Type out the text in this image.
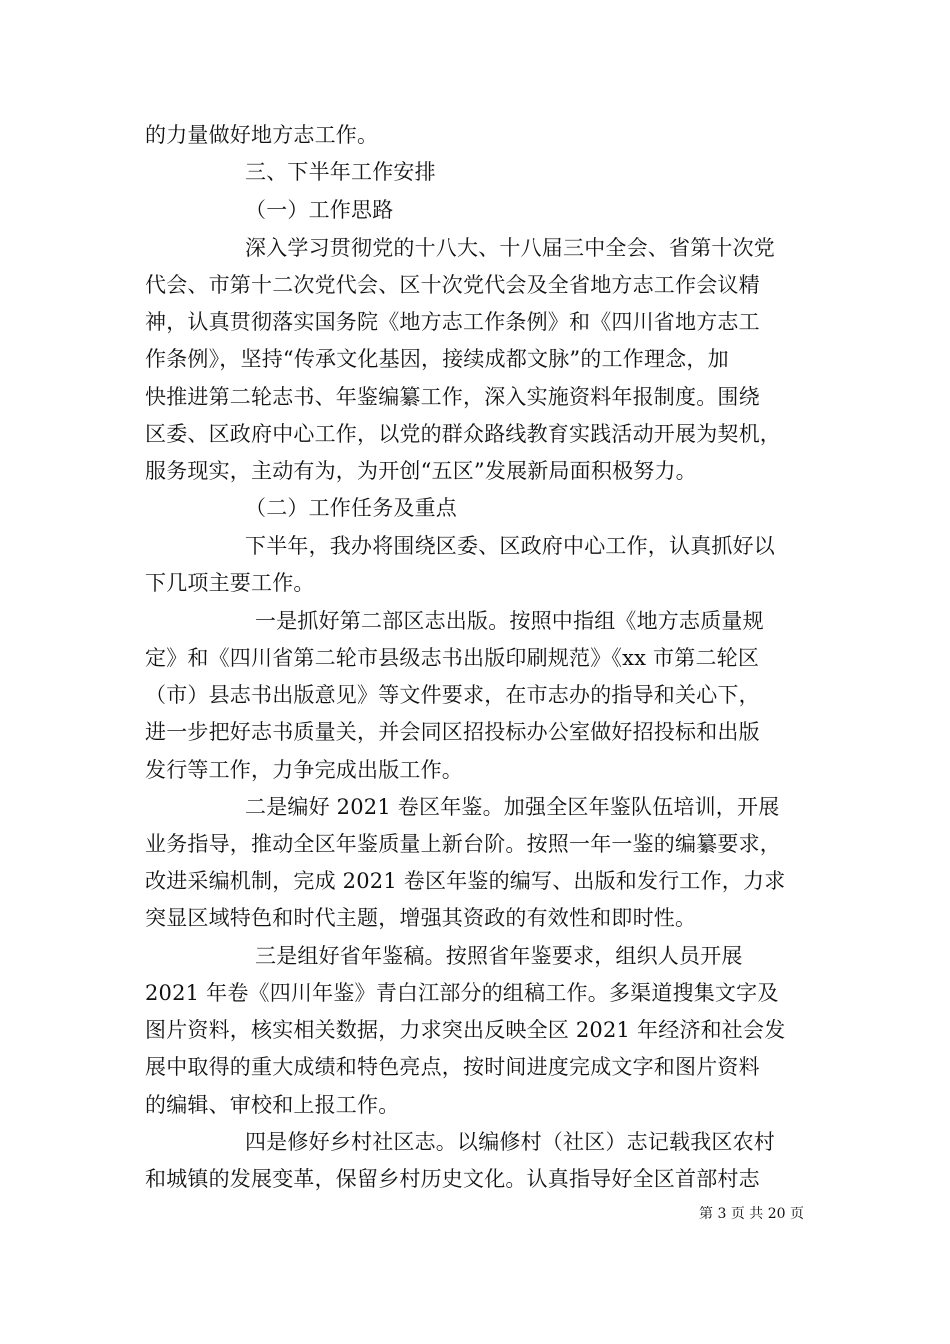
的力量做好地方志工作。
三、下半年工作安排
（一）工作思路
深入学习贯彻党的十八大、十八届三中全会、省第十次党
代会、市第十二次党代会、区十次党代会及全省地方志工作会议精
神，认真贯彻落实国务院《地方志工作条例》和《四川省地方志工
作条例》，坚持“传承文化基因，接续成都文脉”的工作理念，加
快推进第二轮志书、年鉴编纂工作，深入实施资料年报制度。围绕
区委、区政府中心工作，以党的群众路线教育实践活动开展为契机，
服务现实，主动有为，为开创“五区”发展新局面积极努力。
（二）工作任务及重点
下半年，我办将围绕区委、区政府中心工作，认真抓好以
下几项主要工作。
一是抓好第二部区志出版。按照中指组《地方志质量规
定》和《四川省第二轮市县级志书出版印刷规范》《xx 市第二轮区
（市）县志书出版意见》等文件要求，在市志办的指导和关心下，
进一步把好志书质量关，并会同区招投标办公室做好招投标和出版
发行等工作，力争完成出版工作。
二是编好 2021 卷区年鉴。加强全区年鉴队伍培训，开展
业务指导，推动全区年鉴质量上新台阶。按照一年一鉴的编纂要求，
改进采编机制，完成 2021 卷区年鉴的编写、出版和发行工作，力求
突显区域特色和时代主题，增强其资政的有效性和即时性。
三是组好省年鉴稿。按照省年鉴要求，组织人员开展
2021 年卷《四川年鉴》青白江部分的组稿工作。多渠道搜集文字及
图片资料，核实相关数据，力求突出反映全区 2021 年经济和社会发
展中取得的重大成绩和特色亮点，按时间进度完成文字和图片资料
的编辑、审校和上报工作。
四是修好乡村社区志。以编修村（社区）志记载我区农村
和城镇的发展变革，保留乡村历史文化。认真指导好全区首部村志
第 3 页 共 20 页
